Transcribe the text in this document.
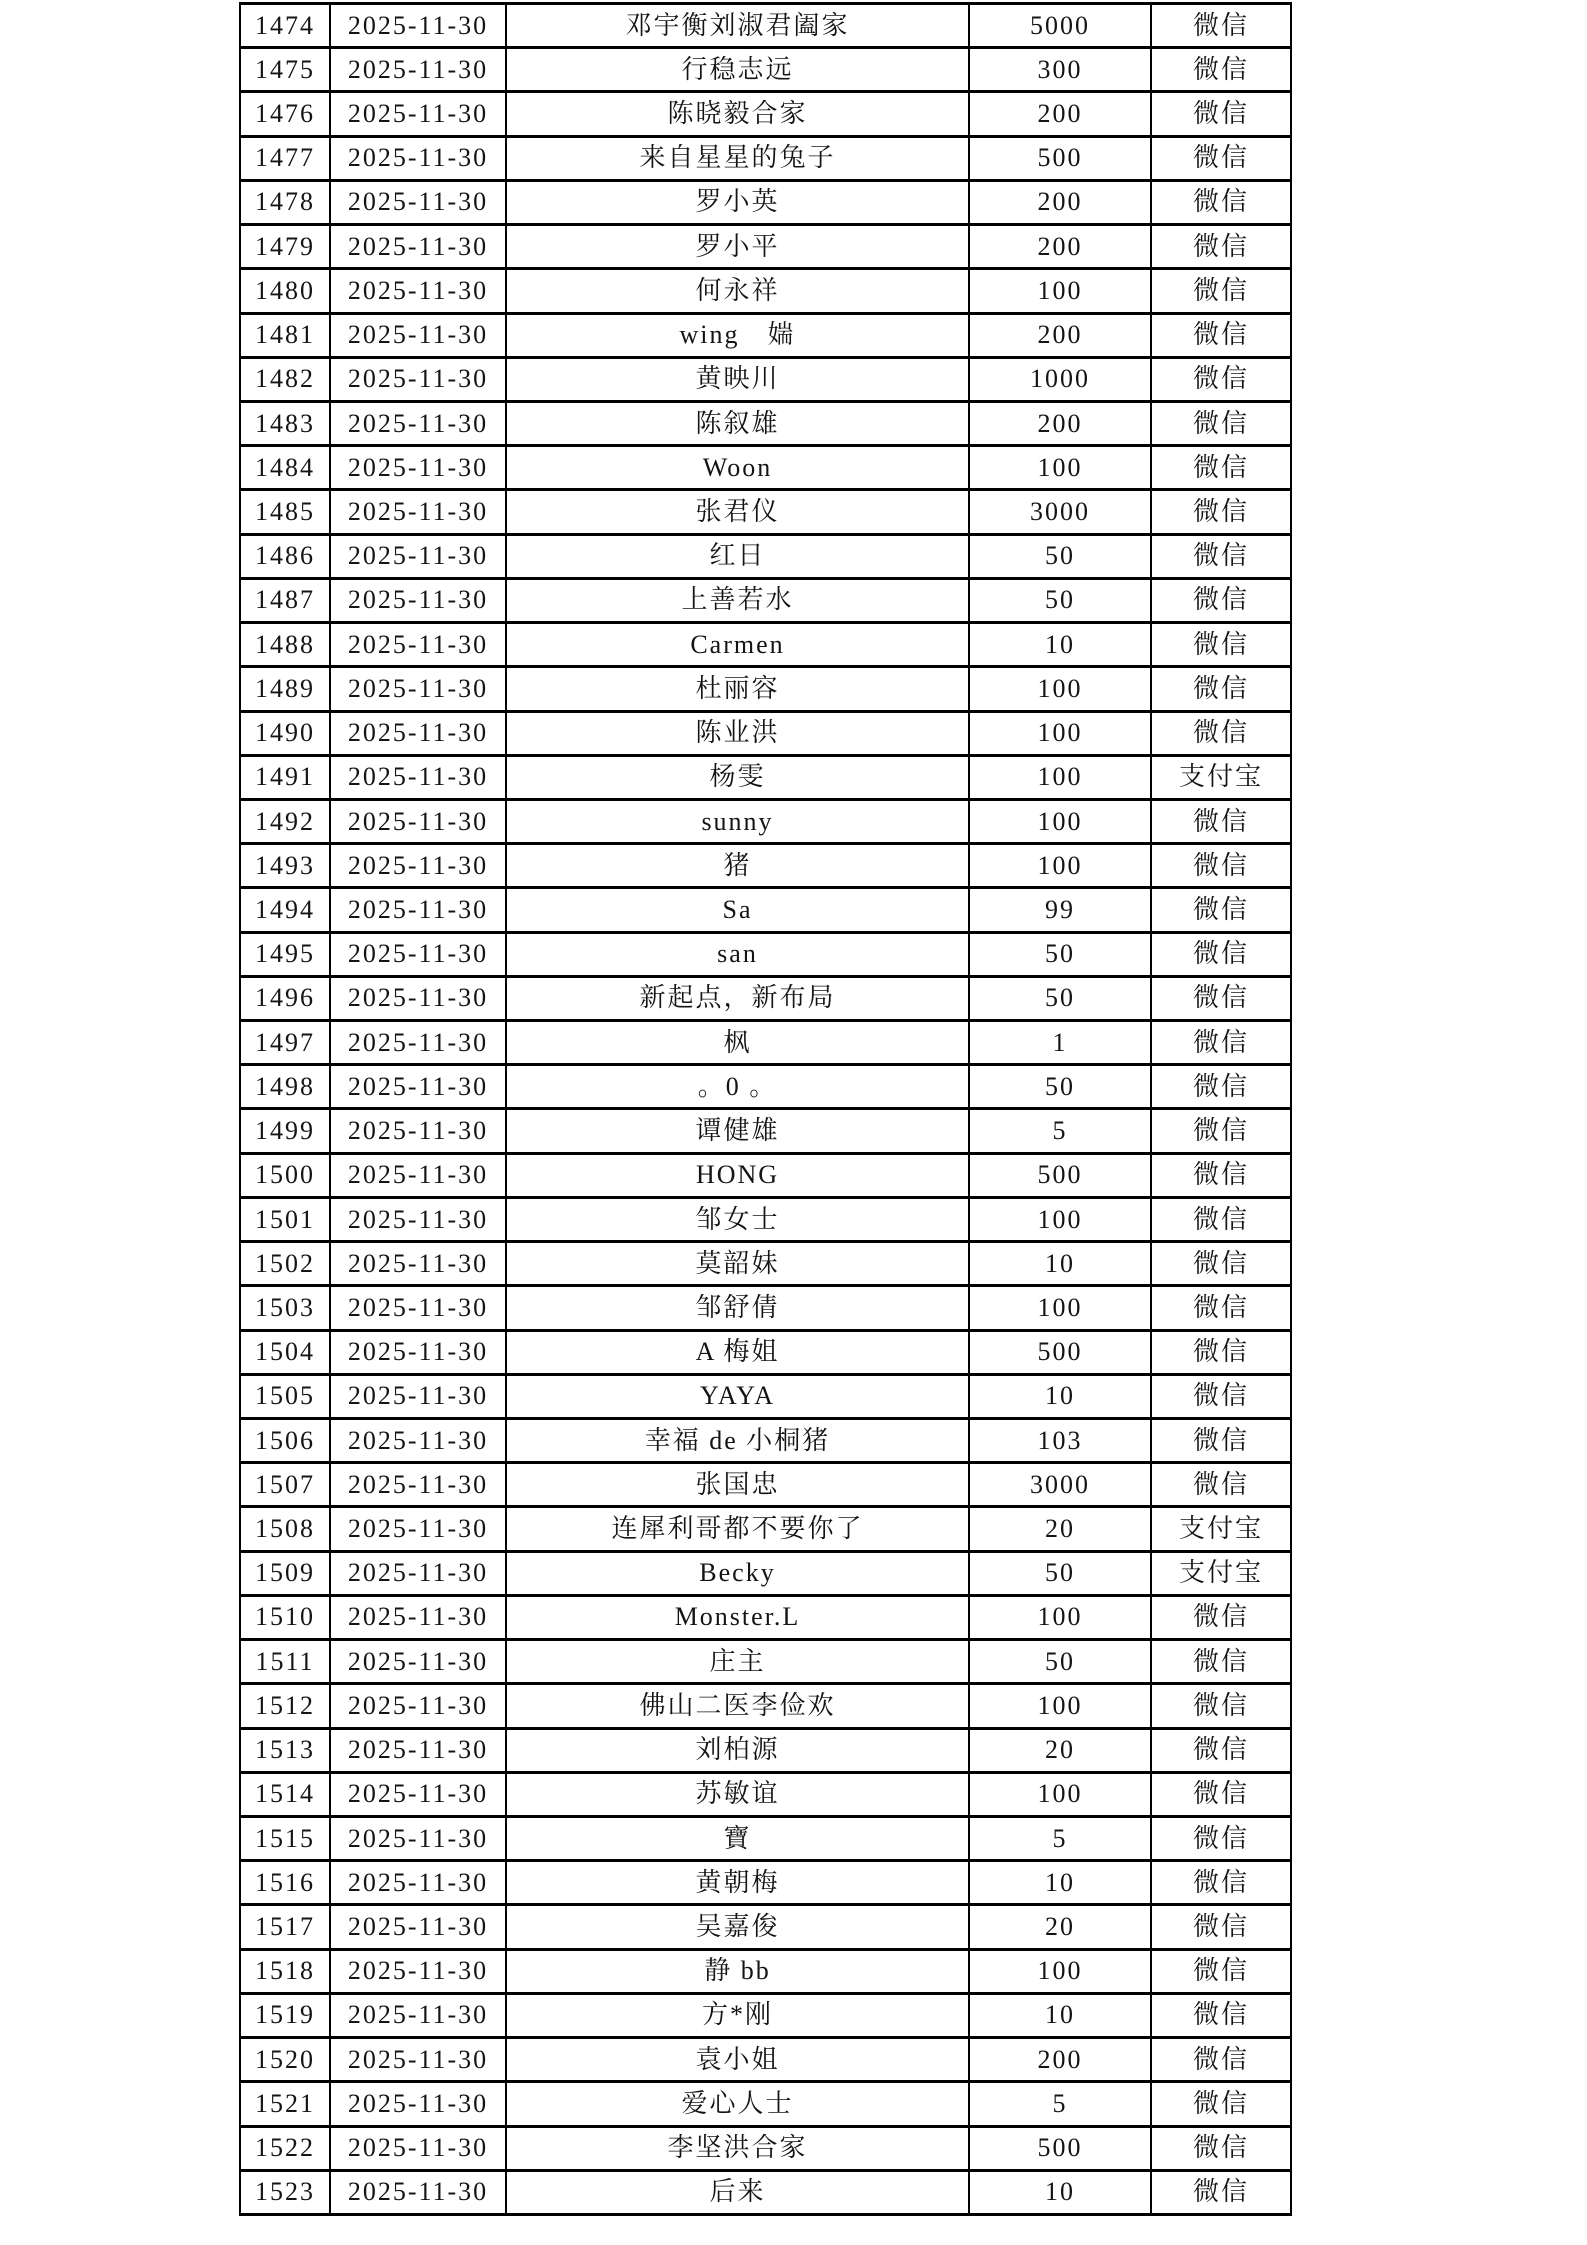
1474	2025-11-30	邓宇衡刘淑君阖家	5000	微信
1475	2025-11-30	行稳志远	300	微信
1476	2025-11-30	陈晓毅合家	200	微信
1477	2025-11-30	来自星星的兔子	500	微信
1478	2025-11-30	罗小英	200	微信
1479	2025-11-30	罗小平	200	微信
1480	2025-11-30	何永祥	100	微信
1481	2025-11-30	wing　媏	200	微信
1482	2025-11-30	黄映川	1000	微信
1483	2025-11-30	陈叙雄	200	微信
1484	2025-11-30	Woon	100	微信
1485	2025-11-30	张君仪	3000	微信
1486	2025-11-30	红日	50	微信
1487	2025-11-30	上善若水	50	微信
1488	2025-11-30	Carmen	10	微信
1489	2025-11-30	杜丽容	100	微信
1490	2025-11-30	陈业洪	100	微信
1491	2025-11-30	杨雯	100	支付宝
1492	2025-11-30	sunny	100	微信
1493	2025-11-30	猪	100	微信
1494	2025-11-30	Sa	99	微信
1495	2025-11-30	san	50	微信
1496	2025-11-30	新起点，新布局	50	微信
1497	2025-11-30	枫	1	微信
1498	2025-11-30	。0 。	50	微信
1499	2025-11-30	谭健雄	5	微信
1500	2025-11-30	HONG	500	微信
1501	2025-11-30	邹女士	100	微信
1502	2025-11-30	莫韶妹	10	微信
1503	2025-11-30	邹舒倩	100	微信
1504	2025-11-30	A 梅姐	500	微信
1505	2025-11-30	YAYA	10	微信
1506	2025-11-30	幸福 de 小桐猪	103	微信
1507	2025-11-30	张国忠	3000	微信
1508	2025-11-30	连犀利哥都不要你了	20	支付宝
1509	2025-11-30	Becky	50	支付宝
1510	2025-11-30	Monster.L	100	微信
1511	2025-11-30	庄主	50	微信
1512	2025-11-30	佛山二医李俭欢	100	微信
1513	2025-11-30	刘柏源	20	微信
1514	2025-11-30	苏敏谊	100	微信
1515	2025-11-30	寶	5	微信
1516	2025-11-30	黄朝梅	10	微信
1517	2025-11-30	吴嘉俊	20	微信
1518	2025-11-30	静 bb	100	微信
1519	2025-11-30	方*刚	10	微信
1520	2025-11-30	袁小姐	200	微信
1521	2025-11-30	爱心人士	5	微信
1522	2025-11-30	李坚洪合家	500	微信
1523	2025-11-30	后来	10	微信
